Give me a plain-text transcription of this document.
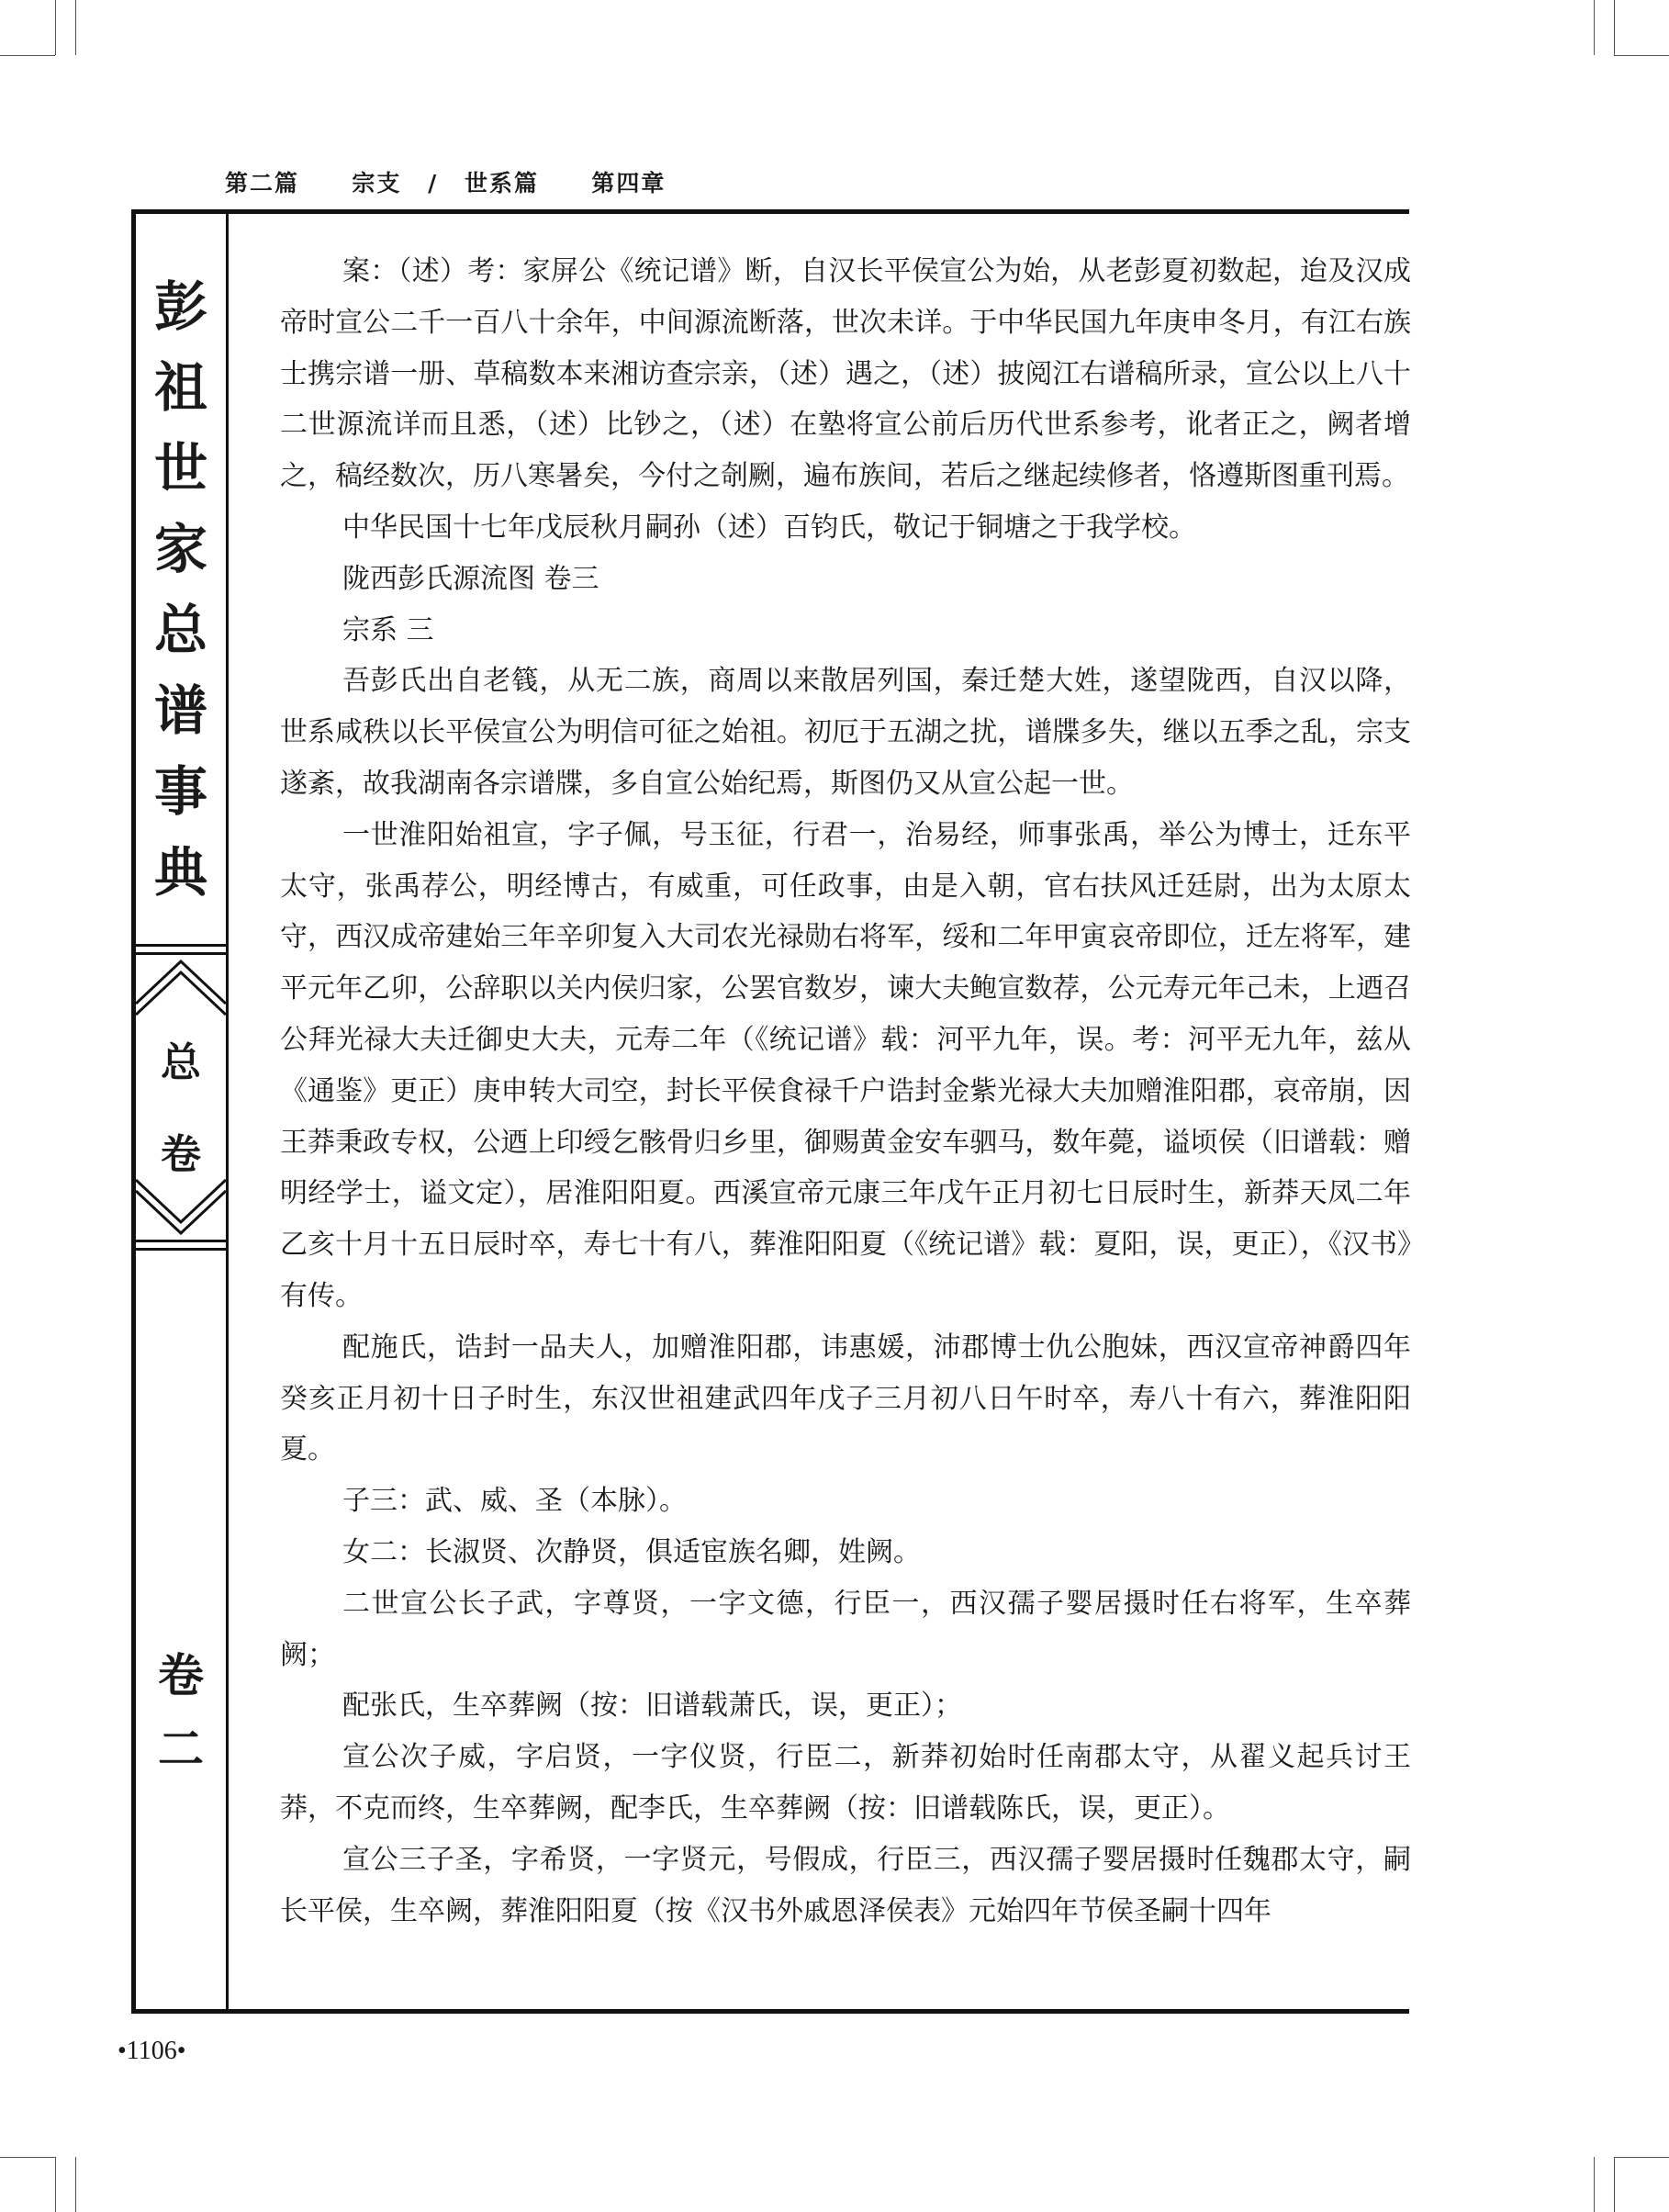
第二篇  宗支 / 世系篇  第四章
彭
祖
世
家
总
谱
事
典
总
卷
卷
二

案：（述）考：家屏公《统记谱》断，自汉长平侯宣公为始，从老彭夏初数起，迨及汉成帝时宣公二千一百八十余年，中间源流断落，世次未详。于中华民国九年庚申冬月，有江右族士携宗谱一册、草稿数本来湘访查宗亲，（述）遇之，（述）披阅江右谱稿所录，宣公以上八十二世源流详而且悉，（述）比钞之，（述）在塾将宣公前后历代世系参考，讹者正之，阙者增之，稿经数次，历八寒暑矣，今付之剞劂，遍布族间，若后之继起续修者，恪遵斯图重刊焉。

中华民国十七年戊辰秋月嗣孙（述）百钧氏，敬记于铜塘之于我学校。

陇西彭氏源流图 卷三

宗系 三

吾彭氏出自老篯，从无二族，商周以来散居列国，秦迁楚大姓，遂望陇西，自汉以降，世系咸秩以长平侯宣公为明信可征之始祖。初厄于五湖之扰，谱牒多失，继以五季之乱，宗支遂紊，故我湖南各宗谱牒，多自宣公始纪焉，斯图仍又从宣公起一世。

一世淮阳始祖宣，字子佩，号玉征，行君一，治易经，师事张禹，举公为博士，迁东平太守，张禹荐公，明经博古，有威重，可任政事，由是入朝，官右扶风迁廷尉，出为太原太守，西汉成帝建始三年辛卯复入大司农光禄勋右将军，绥和二年甲寅哀帝即位，迁左将军，建平元年乙卯，公辞职以关内侯归家，公罢官数岁，谏大夫鲍宣数荐，公元寿元年己未，上迺召公拜光禄大夫迁御史大夫，元寿二年（《统记谱》载：河平九年，误。考：河平无九年，兹从《通鉴》更正）庚申转大司空，封长平侯食禄千户诰封金紫光禄大夫加赠淮阳郡，哀帝崩，因王莽秉政专权，公迺上印绶乞骸骨归乡里，御赐黄金安车驷马，数年薨，谥顷侯（旧谱载：赠明经学士，谥文定），居淮阳阳夏。西溪宣帝元康三年戊午正月初七日辰时生，新莽天凤二年乙亥十月十五日辰时卒，寿七十有八，葬淮阳阳夏（《统记谱》载：夏阳，误，更正），《汉书》有传。

配施氏，诰封一品夫人，加赠淮阳郡，讳惠媛，沛郡博士仇公胞妹，西汉宣帝神爵四年癸亥正月初十日子时生，东汉世祖建武四年戊子三月初八日午时卒，寿八十有六，葬淮阳阳夏。

子三：武、威、圣（本脉）。

女二：长淑贤、次静贤，俱适宦族名卿，姓阙。

二世宣公长子武，字尊贤，一字文德，行臣一，西汉孺子婴居摄时任右将军，生卒葬阙；

配张氏，生卒葬阙（按：旧谱载萧氏，误，更正）；

宣公次子威，字启贤，一字仪贤，行臣二，新莽初始时任南郡太守，从翟义起兵讨王莽，不克而终，生卒葬阙，配李氏，生卒葬阙（按：旧谱载陈氏，误，更正）。

宣公三子圣，字希贤，一字贤元，号假成，行臣三，西汉孺子婴居摄时任魏郡太守，嗣长平侯，生卒阙，葬淮阳阳夏（按《汉书外戚恩泽侯表》元始四年节侯圣嗣十四年

•1106•
